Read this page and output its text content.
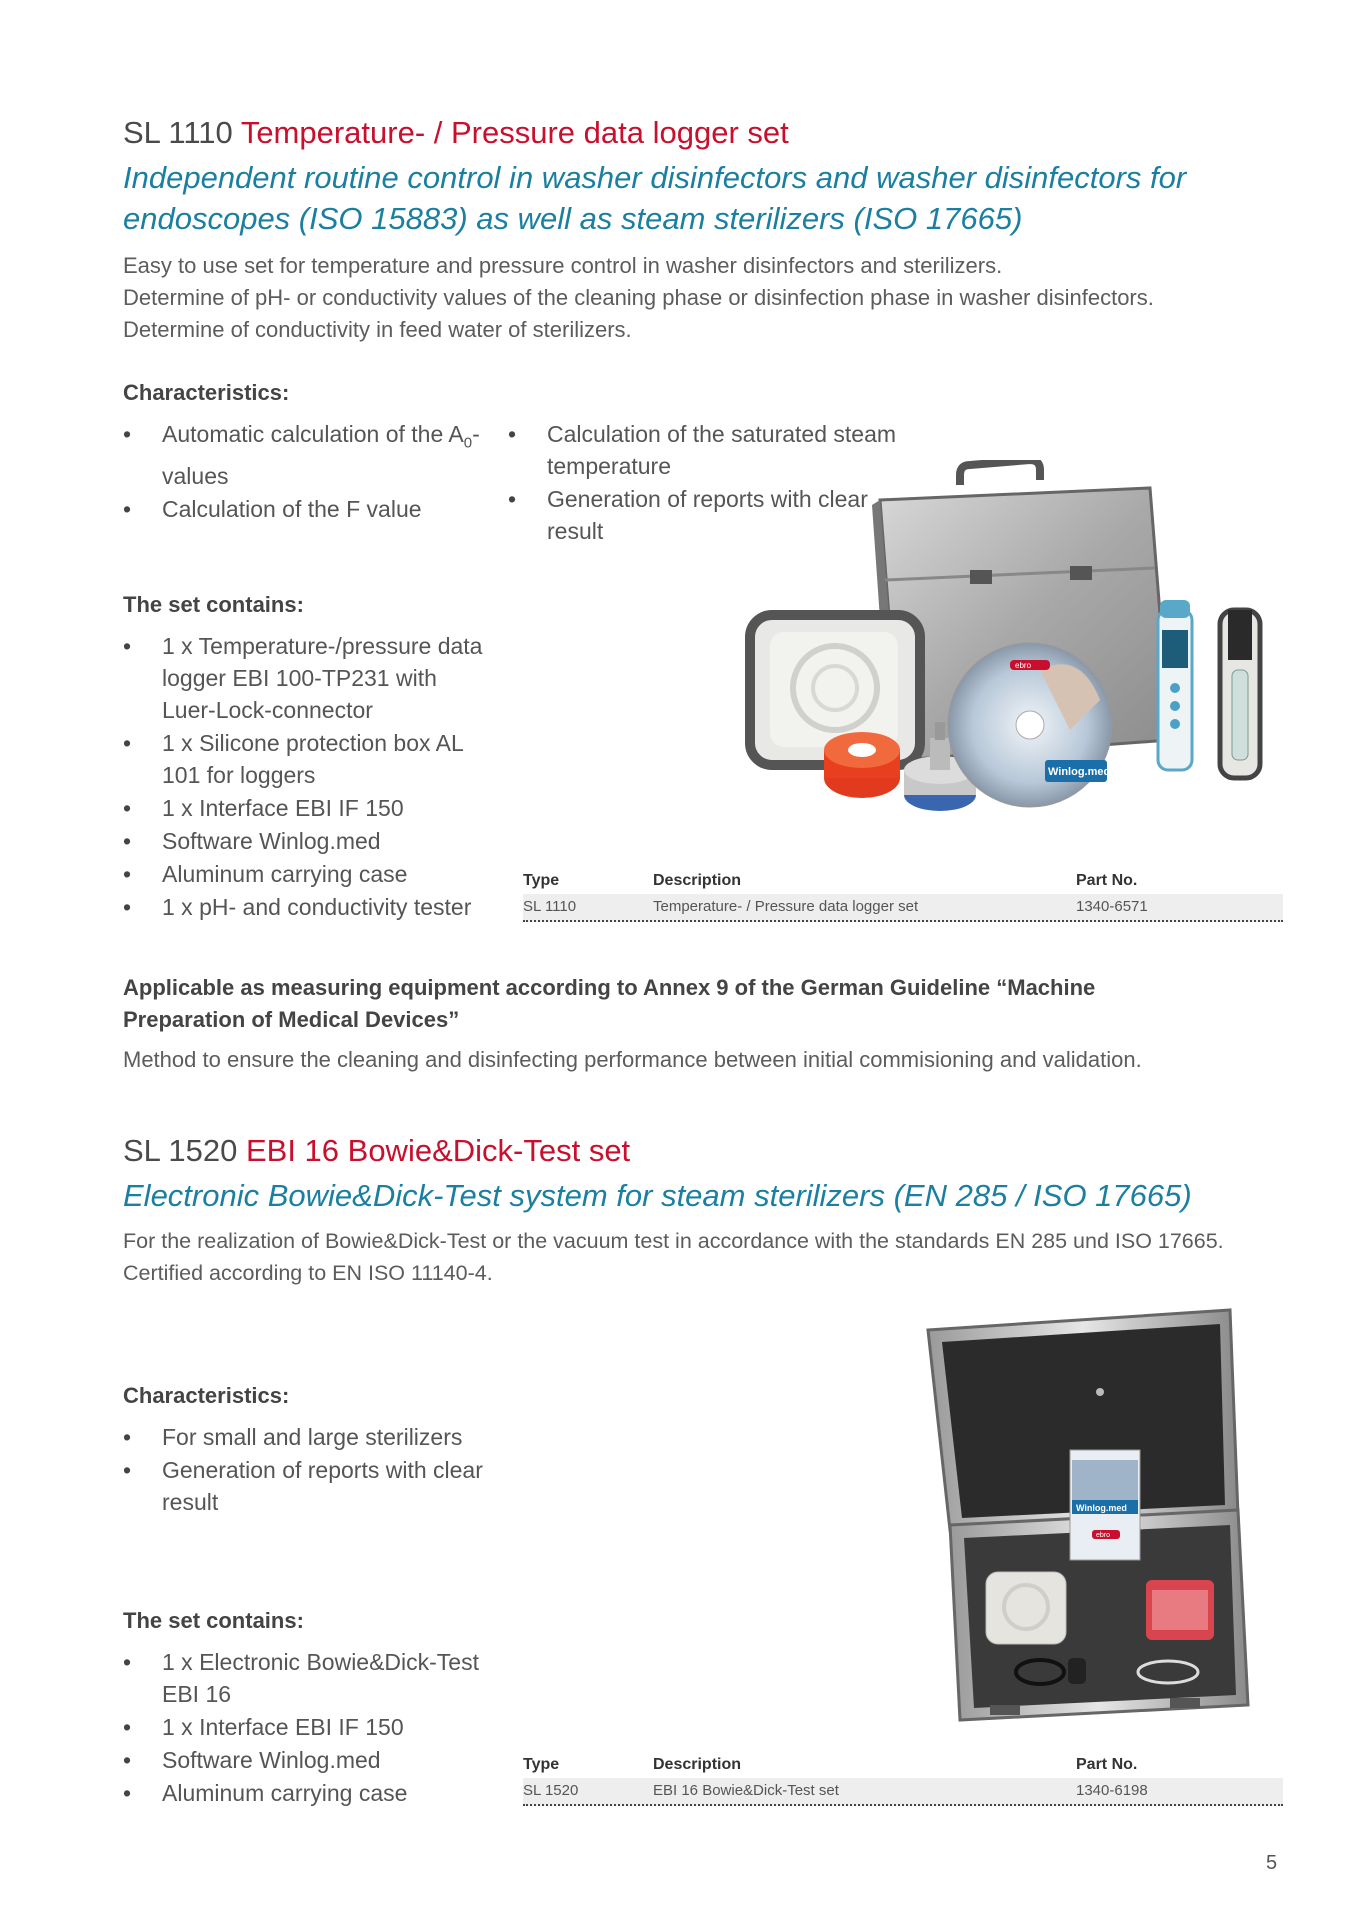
SL 1110 Temperature- / Pressure data logger set
Independent routine control in washer disinfectors and washer disinfectors for endoscopes (ISO 15883) as well as steam sterilizers (ISO 17665)
Easy to use set for temperature and pressure control in washer disinfectors and sterilizers.
Determine of pH- or conductivity values of the cleaning phase or disinfection phase in washer disinfectors.
Determine of conductivity in feed water of sterilizers.
Characteristics:
• Automatic calculation of the $A_0$-values
• Calculation of the F value
• Calculation of the saturated steam temperature
• Generation of reports with clear result
The set contains:
• 1 x Temperature-/pressure data logger EBI 100-TP231 with Luer-Lock-connector
• 1 x Silicone protection box AL 101 for loggers
• 1 x Interface EBI IF 150
• Software Winlog.med
• Aluminum carrying case
• 1 x pH- and conductivity tester
ebro
Winlog.med
Type	Description	Part No.
SL 1110	Temperature- / Pressure data logger set	1340-6571
Applicable as measuring equipment according to Annex 9 of the German Guideline “Machine Preparation of Medical Devices”
Method to ensure the cleaning and disinfecting performance between initial commisioning and validation.
SL 1520 EBI 16 Bowie&Dick-Test set
Electronic Bowie&Dick-Test system for steam sterilizers (EN 285 / ISO 17665)
For the realization of Bowie&Dick-Test or the vacuum test in accordance with the standards EN 285 und ISO 17665.
Certified according to EN ISO 11140-4.
Characteristics:
• For small and large sterilizers
• Generation of reports with clear result
The set contains:
• 1 x Electronic Bowie&Dick-Test EBI 16
• 1 x Interface EBI IF 150
• Software Winlog.med
• Aluminum carrying case
Winlog.med
ebro
Type	Description	Part No.
SL 1520	EBI 16 Bowie&Dick-Test set	1340-6198
5
